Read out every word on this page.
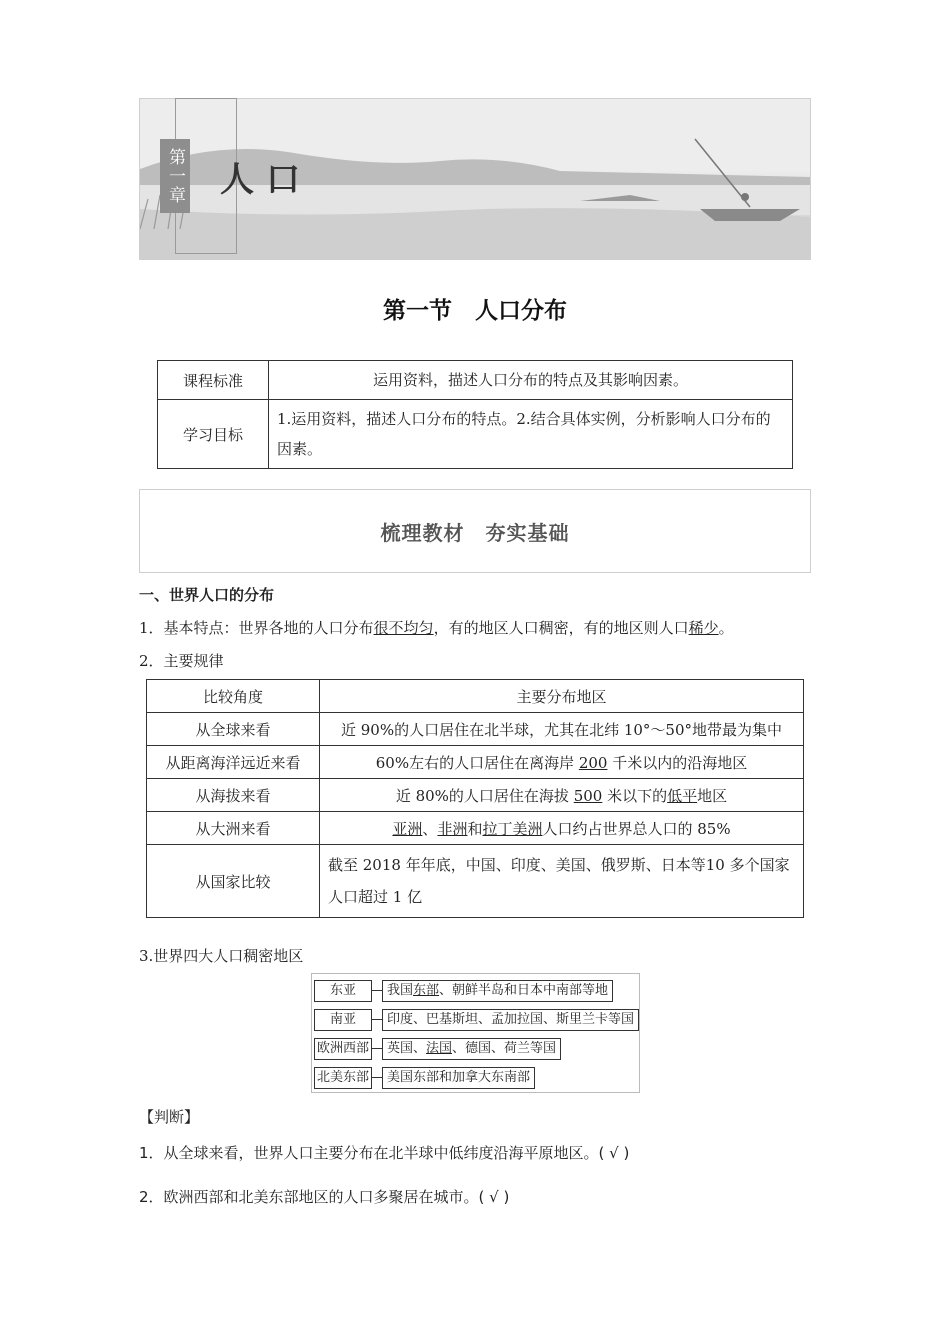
第一章 人口
第一节　人口分布
课程标准	运用资料，描述人口分布的特点及其影响因素。
学习目标	1.运用资料，描述人口分布的特点。2.结合具体实例，分析影响人口分布的因素。
梳理教材　夯实基础
一、世界人口的分布
1．基本特点：世界各地的人口分布很不均匀，有的地区人口稠密，有的地区则人口稀少。
2．主要规律
比较角度	主要分布地区
从全球来看	近 90%的人口居住在北半球，尤其在北纬 10°～50°地带最为集中
从距离海洋远近来看	60%左右的人口居住在离海岸 200 千米以内的沿海地区
从海拔来看	近 80%的人口居住在海拔 500 米以下的低平地区
从大洲来看	亚洲、非洲和拉丁美洲人口约占世界总人口的 85%
从国家比较	截至 2018 年年底，中国、印度、美国、俄罗斯、日本等10 多个国家人口超过 1 亿
3.世界四大人口稠密地区
东亚	我国东部、朝鲜半岛和日本中南部等地
南亚	印度、巴基斯坦、孟加拉国、斯里兰卡等国
欧洲西部	英国、法国、德国、荷兰等国
北美东部	美国东部和加拿大东南部
【判断】
1．从全球来看，世界人口主要分布在北半球中低纬度沿海平原地区。( √ )
2．欧洲西部和北美东部地区的人口多聚居在城市。( √ )
